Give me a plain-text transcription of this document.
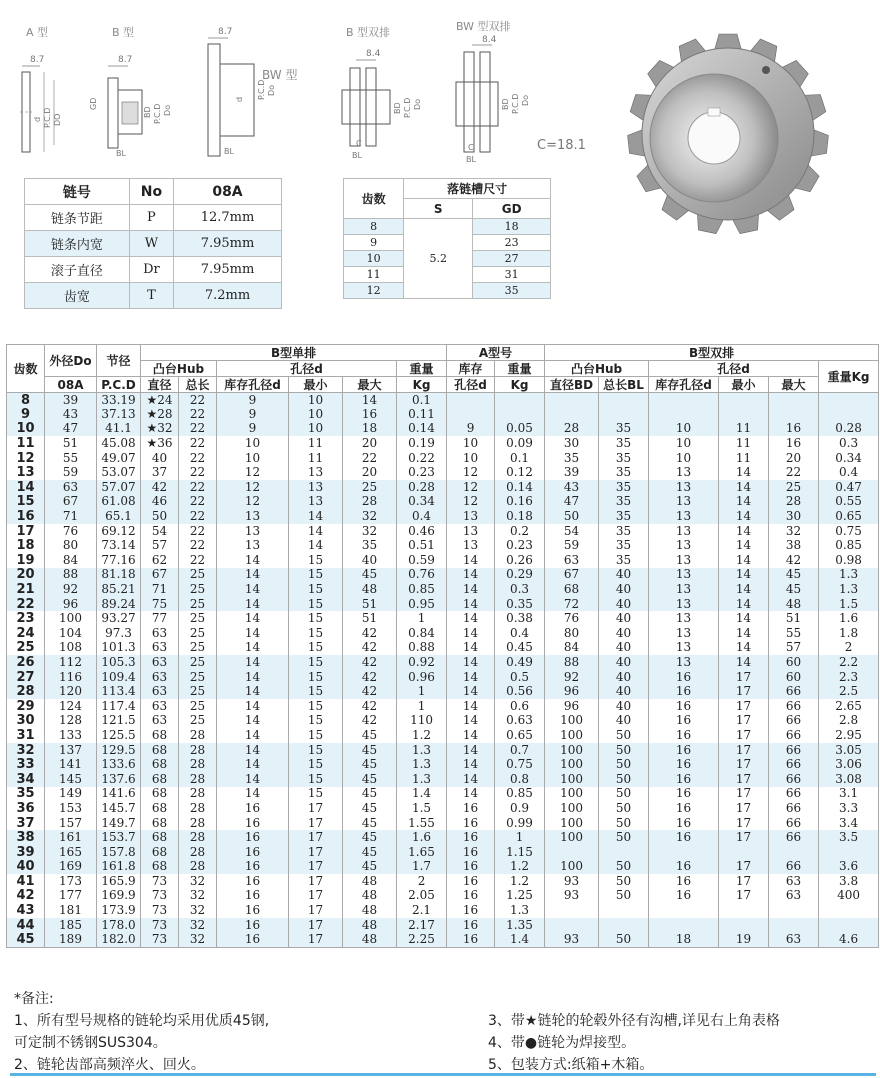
A 型
8.7
d P.C.D DO
B 型
8.7
GD
BD P.C.D Do
BL
8.7
P.C.D Do
d
BL
BW 型
B 型双排
8.4
BD P.C.D Do
C
BL
BW 型双排
8.4
BD P.C.D Do
C
BL
C=18.1
链号	No	08A
链条节距	P	12.7mm
链条内宽	W	7.95mm
滚子直径	Dr	7.95mm
齿宽	T	7.2mm
齿数	落链槽尺寸	
	S	GD
8	5.2	18
9		23
10		27
11		31
12		35
齿数	外径Do	节径	B型单排						A型号		B型双排					
			凸台Hub		孔径d			重量	库存	重量	凸台Hub		孔径d			重量Kg
	08A	P.C.D	直径	总长	库存孔径d	最小	最大	Kg	孔径d	Kg	直径BD	总长BL	库存孔径d	最小	最大	
8	39	33.19	★24	22	9	10	14	0.1								
9	43	37.13	★28	22	9	10	16	0.11								
10	47	41.1	★32	22	9	10	18	0.14	9	0.05	28	35	10	11	16	0.28
11	51	45.08	★36	22	10	11	20	0.19	10	0.09	30	35	10	11	16	0.3
12	55	49.07	40	22	10	11	22	0.22	10	0.1	35	35	10	11	20	0.34
13	59	53.07	37	22	12	13	20	0.23	12	0.12	39	35	13	14	22	0.4
14	63	57.07	42	22	12	13	25	0.28	12	0.14	43	35	13	14	25	0.47
15	67	61.08	46	22	12	13	28	0.34	12	0.16	47	35	13	14	28	0.55
16	71	65.1	50	22	13	14	32	0.4	13	0.18	50	35	13	14	30	0.65
17	76	69.12	54	22	13	14	32	0.46	13	0.2	54	35	13	14	32	0.75
18	80	73.14	57	22	13	14	35	0.51	13	0.23	59	35	13	14	38	0.85
19	84	77.16	62	22	14	15	40	0.59	14	0.26	63	35	13	14	42	0.98
20	88	81.18	67	25	14	15	45	0.76	14	0.29	67	40	13	14	45	1.3
21	92	85.21	71	25	14	15	48	0.85	14	0.3	68	40	13	14	45	1.3
22	96	89.24	75	25	14	15	51	0.95	14	0.35	72	40	13	14	48	1.5
23	100	93.27	77	25	14	15	51	1	14	0.38	76	40	13	14	51	1.6
24	104	97.3	63	25	14	15	42	0.84	14	0.4	80	40	13	14	55	1.8
25	108	101.3	63	25	14	15	42	0.88	14	0.45	84	40	13	14	57	2
26	112	105.3	63	25	14	15	42	0.92	14	0.49	88	40	13	14	60	2.2
27	116	109.4	63	25	14	15	42	0.96	14	0.5	92	40	16	17	60	2.3
28	120	113.4	63	25	14	15	42	1	14	0.56	96	40	16	17	66	2.5
29	124	117.4	63	25	14	15	42	1	14	0.6	96	40	16	17	66	2.65
30	128	121.5	63	25	14	15	42	110	14	0.63	100	40	16	17	66	2.8
31	133	125.5	68	28	14	15	45	1.2	14	0.65	100	50	16	17	66	2.95
32	137	129.5	68	28	14	15	45	1.3	14	0.7	100	50	16	17	66	3.05
33	141	133.6	68	28	14	15	45	1.3	14	0.75	100	50	16	17	66	3.06
34	145	137.6	68	28	14	15	45	1.3	14	0.8	100	50	16	17	66	3.08
35	149	141.6	68	28	14	15	45	1.4	14	0.85	100	50	16	17	66	3.1
36	153	145.7	68	28	16	17	45	1.5	16	0.9	100	50	16	17	66	3.3
37	157	149.7	68	28	16	17	45	1.55	16	0.99	100	50	16	17	66	3.4
38	161	153.7	68	28	16	17	45	1.6	16	1	100	50	16	17	66	3.5
39	165	157.8	68	28	16	17	45	1.65	16	1.15						
40	169	161.8	68	28	16	17	45	1.7	16	1.2	100	50	16	17	66	3.6
41	173	165.9	73	32	16	17	48	2	16	1.2	93	50	16	17	63	3.8
42	177	169.9	73	32	16	17	48	2.05	16	1.25	93	50	16	17	63	400
43	181	173.9	73	32	16	17	48	2.1	16	1.3						
44	185	178.0	73	32	16	17	48	2.17	16	1.35						
45	189	182.0	73	32	16	17	48	2.25	16	1.4	93	50	18	19	63	4.6
*备注:
1、所有型号规格的链轮均采用优质45钢,
可定制不锈钢SUS304。
2、链轮齿部高频淬火、回火。
3、带★链轮的轮毂外径有沟槽,详见右上角表格
4、带●链轮为焊接型。
5、包装方式:纸箱+木箱。
